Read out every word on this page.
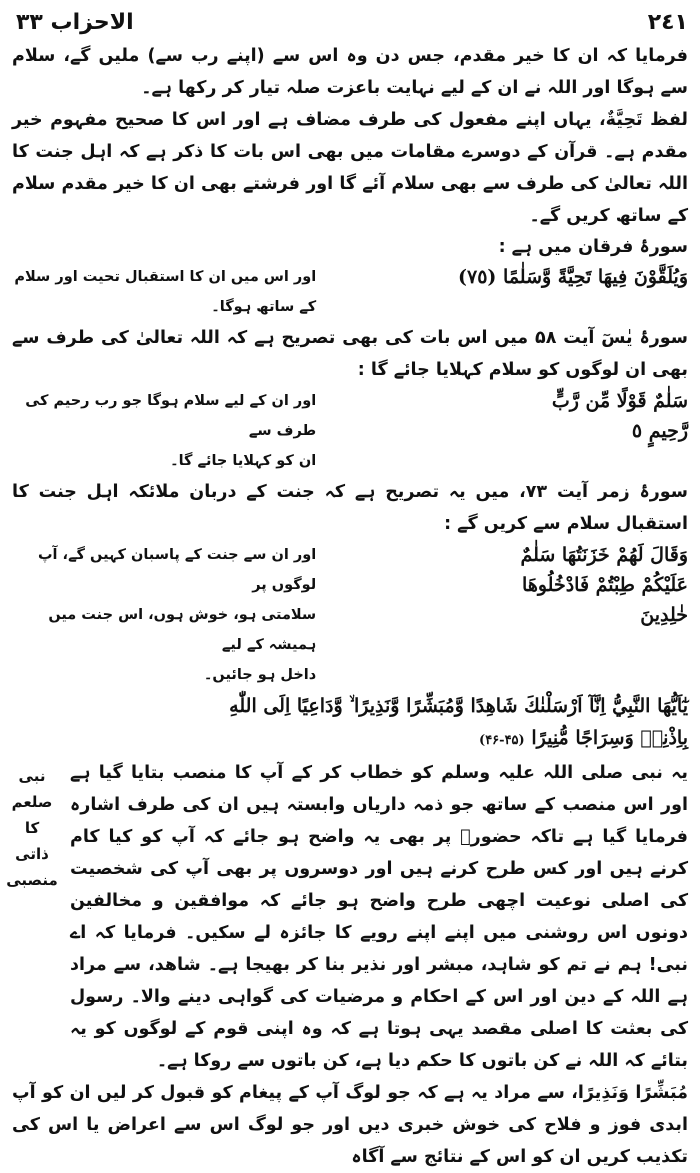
٢٤١
الاحزاب ٣٣

فرمایا کہ ان کا خیر مقدم، جس دن وہ اس سے (اپنے رب سے) ملیں گے، سلام سے ہوگا اور اللہ نے ان کے لیے نہایت باعزت صلہ تیار کر رکھا ہے۔

لفظ تَحِیَّةٌ، یہاں اپنے مفعول کی طرف مضاف ہے اور اس کا صحیح مفہوم خیر مقدم ہے۔ قرآن کے دوسرے مقامات میں بھی اس بات کا ذکر ہے کہ اہل جنت کا اللہ تعالیٰ کی طرف سے بھی سلام آئے گا اور فرشتے بھی ان کا خیر مقدم سلام کے ساتھ کریں گے۔

سورۂ فرقان میں ہے :

وَيُلَقَّوْنَ فِيهَا تَحِيَّةً وَّسَلٰمًا (٧٥)
اور اس میں ان کا استقبال تحیت اور سلام کے ساتھ ہوگا۔

سورۂ یٰسٓ آیت ۵۸ میں اس بات کی بھی تصریح ہے کہ اللہ تعالیٰ کی طرف سے بھی ان لوگوں کو سلام کہلایا جائے گا :

سَلٰمٌ قَوْلًا مِّن رَّبٍّ
رَّحِيمٍ ٥
اور ان کے لیے سلام ہوگا جو رب رحیم کی طرف سے
ان کو کہلایا جائے گا۔

سورۂ زمر آیت ۷۳، میں یہ تصریح ہے کہ جنت کے دربان ملائکہ اہل جنت کا استقبال سلام سے کریں گے :

وَقَالَ لَهُمْ خَزَنَتُهَا سَلٰمٌ
عَلَيْكُمْ طِبْتُمْ فَادْخُلُوهَا
خٰلِدِينَ
اور ان سے جنت کے پاسبان کہیں گے، آپ لوگوں پر
سلامتی ہو، خوش ہوں، اس جنت میں ہمیشہ کے لیے
داخل ہو جائیں۔

يٰٓاَيُّهَا النَّبِيُّ اِنَّآ اَرْسَلْنٰكَ شَاهِدًا وَّمُبَشِّرًا وَّنَذِيرًا ۙ وَّدَاعِيًا اِلَى اللّٰهِ

بِاِذْنِهٖ وَسِرَاجًا مُّنِيرًا (۴۵-۴۶)

نبی صلعم کا
ذاتی منصبی

یہ نبی صلی اللہ علیہ وسلم کو خطاب کر کے آپ کا منصب بتایا گیا ہے اور اس منصب کے ساتھ جو ذمہ داریاں وابستہ ہیں ان کی طرف اشارہ فرمایا گیا ہے تاکہ حضورؐ پر بھی یہ واضح ہو جائے کہ آپ کو کیا کام کرنے ہیں اور کس طرح کرنے ہیں اور دوسروں پر بھی آپ کی شخصیت کی اصلی نوعیت اچھی طرح واضح ہو جائے کہ موافقین و مخالفین دونوں اس روشنی میں اپنے اپنے رویے کا جائزہ لے سکیں۔ فرمایا کہ اے نبی! ہم نے تم کو شاہد، مبشر اور نذیر بنا کر بھیجا ہے۔ شاھد، سے مراد ہے اللہ کے دین اور اس کے احکام و مرضیات کی گواہی دینے والا۔ رسول کی بعثت کا اصلی مقصد یہی ہوتا ہے کہ وہ اپنی قوم کے لوگوں کو یہ بتائے کہ اللہ نے کن باتوں کا حکم دیا ہے، کن باتوں سے روکا ہے۔

مُبَشِّرًا وَنَذِيرًا، سے مراد یہ ہے کہ جو لوگ آپ کے پیغام کو قبول کر لیں ان کو آپ ابدی فوز و فلاح کی خوش خبری دیں اور جو لوگ اس سے اعراض یا اس کی تکذیب کریں ان کو اس کے نتائج سے آگاہ
